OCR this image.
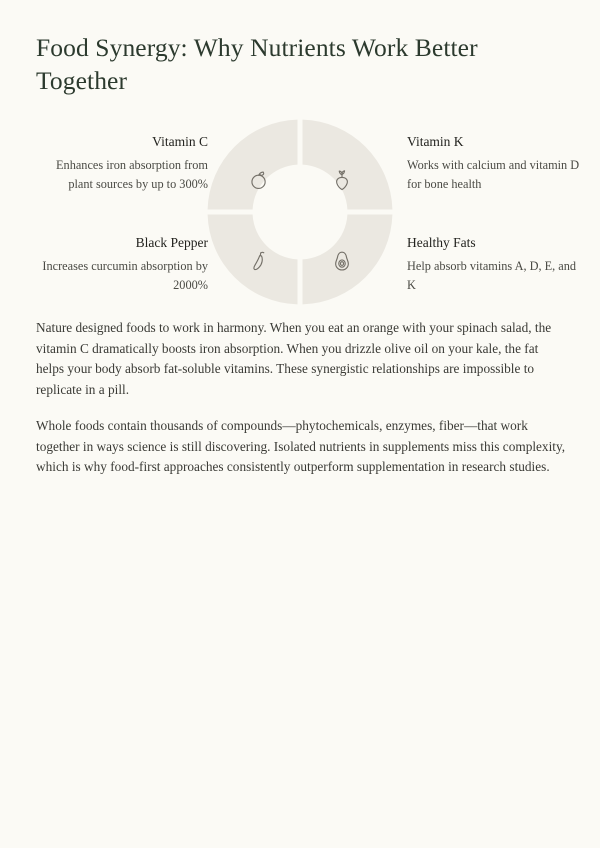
Food Synergy: Why Nutrients Work Better Together
Vitamin C
Enhances iron absorption from plant sources by up to 300%
Black Pepper
Increases curcumin absorption by 2000%
Vitamin K
Works with calcium and vitamin D for bone health
Healthy Fats
Help absorb vitamins A, D, E, and K

Nature designed foods to work in harmony. When you eat an orange with your spinach salad, the vitamin C dramatically boosts iron absorption. When you drizzle olive oil on your kale, the fat helps your body absorb fat-soluble vitamins. These synergistic relationships are impossible to replicate in a pill.

Whole foods contain thousands of compounds—phytochemicals, enzymes, fiber—that work together in ways science is still discovering. Isolated nutrients in supplements miss this complexity, which is why food-first approaches consistently outperform supplementation in research studies.
